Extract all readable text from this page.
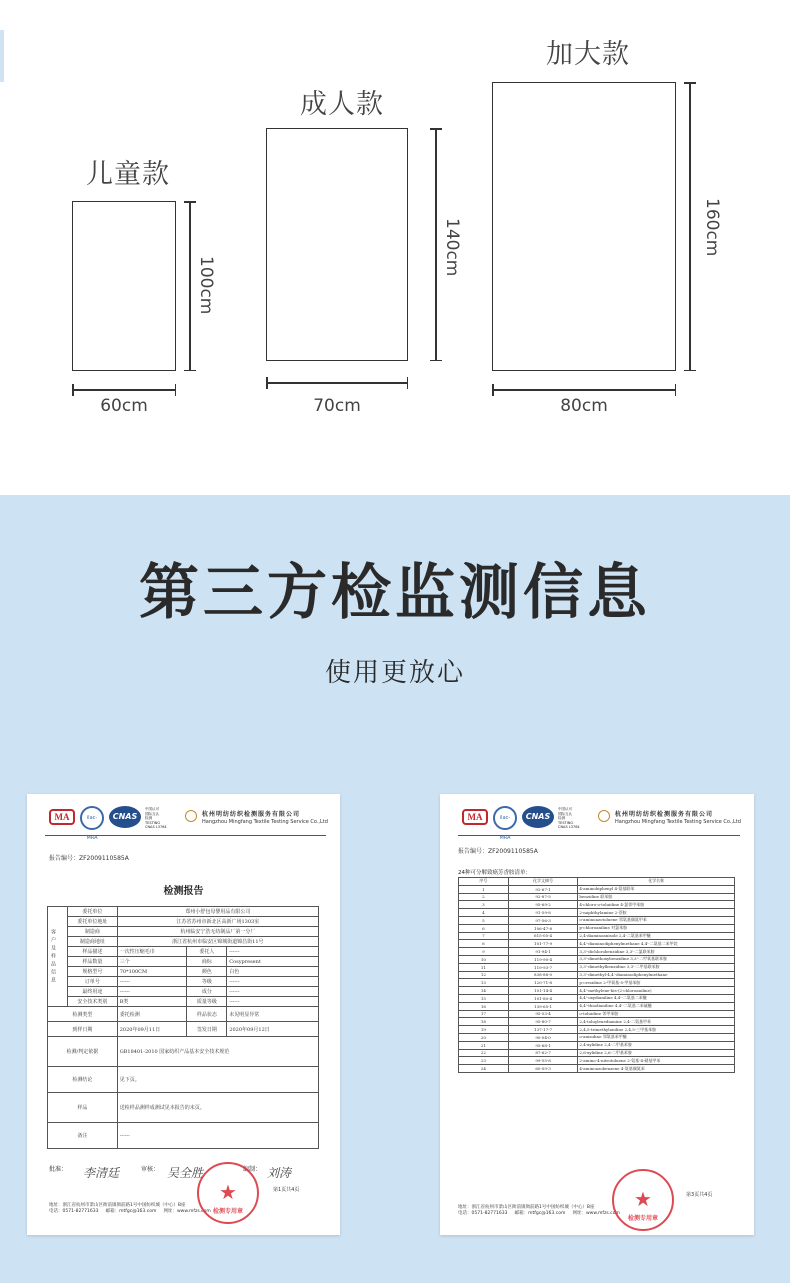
儿童款
60cm
100cm
成人款
70cm
140cm
加大款
80cm
160cm
第三方检监测信息
使用更放心
MA	ilac-MRA
CNAS
中国认可
国际互认
检测
TESTING
CNAS L3764
杭州明纺纺织检测服务有限公司
Hangzhou Mingfang Textile Testing Service Co.,Ltd
报告编号：ZF2009110585A
检测报告
客户及样品信息	委托单位	郑州小舒包母婴用品有限公司		
	委托单位地址	江苏省苏州市新北区高新广场1303室		
	制造商	杭州临安宁浩无纺制品厂第一分厂		
	制造商地址	浙江省杭州市临安区锦城街道锦昌街11号		
	样品描述	一次性压缩毛巾	委托人	------
	样品数量	三个	商标	Cosypresent
	规格型号	70*100CM	颜色	白色
	订单号	------	等级	------
	最终用途	------	成分	------
	安全技术类别	B类	质量等级	------
检测类型		委托检测	样品状态	未见明显异常
到样日期		2020年09月11日	签发日期	2020年09月12日
检测/判定依据		GB18401-2010 国家纺织产品基本安全技术规范		
检测结论		见下页。		
样品		送检样品测样成测试见本报告的末页。		
备注		------		
批准： 李清廷	审核： 吴全胜	编制： 刘涛
第1页共4页
地址：浙江省杭州市萧山区衙前镇衙前路1号中国纺织城（中心）B座
电话：0571-82771633     邮箱：mtfgc@163.com     网址：www.mfzs.com
★
检测专用章
MA	ilac-MRA
CNAS
中国认可
国际互认
检测
TESTING
CNAS L3764
杭州明纺纺织检测服务有限公司
Hangzhou Mingfang Textile Testing Service Co.,Ltd
报告编号：ZF2009110585A
24种可分解致癌芳香胺清单：
序号	化学文摘号	化学名称
1	92-67-1	4-aminobiphenyl 4-氨基联苯
2	92-87-5	benzidine 联苯胺
3	95-69-2	4-chloro-o-toluidine 4-氯邻甲苯胺
4	91-59-8	2-naphthylamine 2-萘胺
5	97-56-3	o-aminoazotoluene 邻氨基偶氮甲苯
6	106-47-8	p-chloroaniline 对氯苯胺
7	615-05-4	2,4-diaminoanisole 2,4-二氨基苯甲醚
8	101-77-9	4,4'-diaminodiphenylmethane 4,4'-二氨基二苯甲烷
9	91-94-1	3,3'-dichlorobenzidine 3,3'-二氯联苯胺
10	119-90-4	3,3'-dimethoxybenzidine 3,3'-二甲氧基联苯胺
11	119-93-7	3,3'-dimethylbenzidine 3,3'-二甲基联苯胺
12	838-88-0	3,3'-dimethyl-4,4'-diaminodiphenylmethane
13	120-71-8	p-cresidine 2-甲氧基-5-甲基苯胺
14	101-14-4	4,4'-methylene-bis-(2-chloroaniline)
15	101-80-4	4,4'-oxydianiline 4,4'-二氨基二苯醚
16	139-65-1	4,4'-thiodianiline 4,4'-二氨基二苯硫醚
17	95-53-4	o-toluidine 邻甲苯胺
18	95-80-7	2,4-toluylenediamine 2,4-二氨基甲苯
19	137-17-7	2,4,5-trimethylaniline 2,4,5-三甲基苯胺
20	90-04-0	o-anisidine 邻氨基苯甲醚
21	95-68-1	2,4-xylidine 2,4-二甲基苯胺
22	87-62-7	2,6-xylidine 2,6-二甲基苯胺
23	99-55-8	2-amino-4-nitrotoluene 2-氨基-4-硝基甲苯
24	60-09-3	4-aminoazobenzene 4-氨基偶氮苯
第3页共4页
地址：浙江省杭州市萧山区衙前镇衙前路1号中国纺织城（中心）B座
电话：0571-82771633     邮箱：mtfgc@163.com     网址：www.mfzs.com
★
检测专用章
